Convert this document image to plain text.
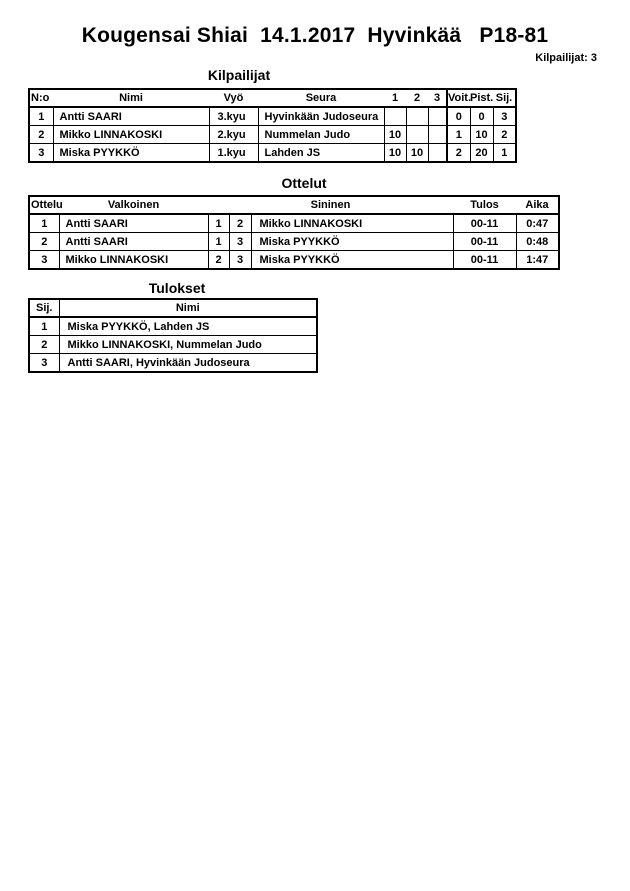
Kougensai Shiai  14.1.2017  Hyvinkää   P18-81
Kilpailijat: 3
Kilpailijat
N:o	Nimi	Vyö	Seura	1	2	3	Voit.	Pist.	Sij.
1	Antti SAARI	3.kyu	Hyvinkään Judoseura				0	0	3
2	Mikko LINNAKOSKI	2.kyu	Nummelan Judo	10			1	10	2
3	Miska PYYKKÖ	1.kyu	Lahden JS	10	10		2	20	1
Ottelut
Ottelu	Valkoinen	Sininen			Tulos	Aika
1	Antti SAARI	1	2	Mikko LINNAKOSKI	00-11	0:47
2	Antti SAARI	1	3	Miska PYYKKÖ	00-11	0:48
3	Mikko LINNAKOSKI	2	3	Miska PYYKKÖ	00-11	1:47
Tulokset
Sij.	Nimi
1	Miska PYYKKÖ, Lahden JS
2	Mikko LINNAKOSKI, Nummelan Judo
3	Antti SAARI, Hyvinkään Judoseura
